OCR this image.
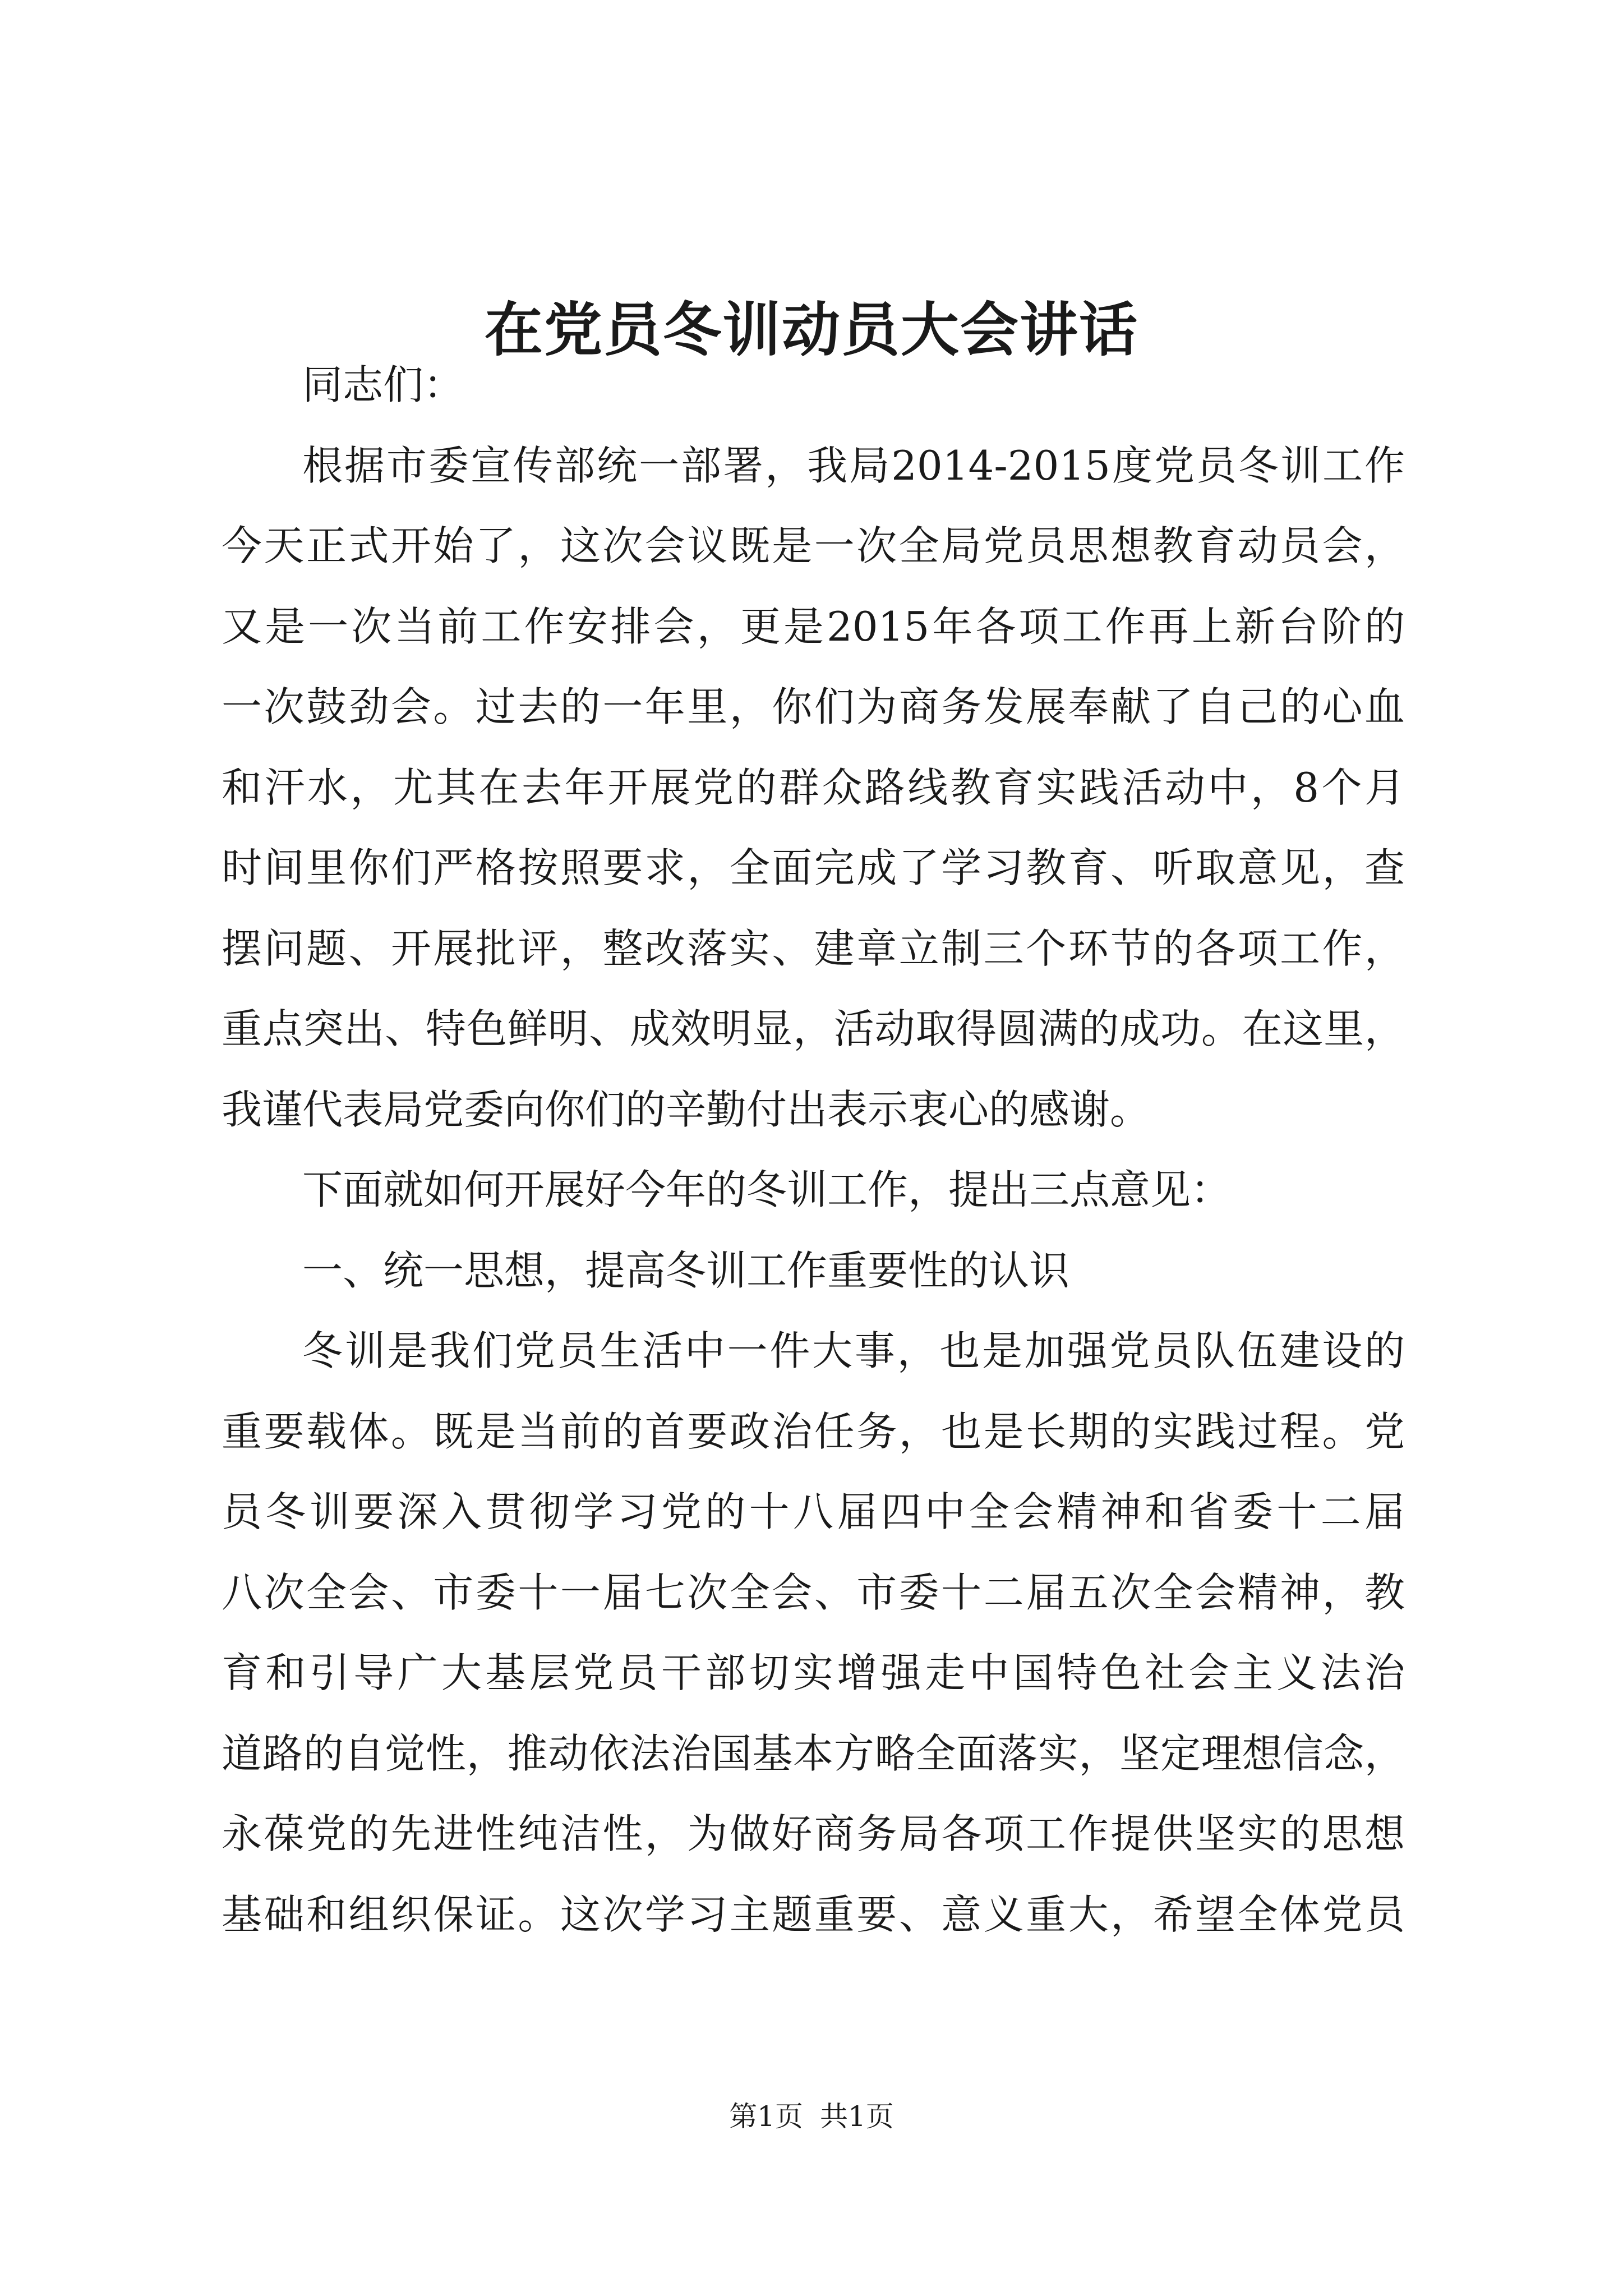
在党员冬训动员大会讲话
同志们：
根据市委宣传部统一部署，我局2014-2015度党员冬训工作
今天正式开始了，这次会议既是一次全局党员思想教育动员会，
又是一次当前工作安排会，更是2015年各项工作再上新台阶的
一次鼓劲会。过去的一年里，你们为商务发展奉献了自己的心血
和汗水，尤其在去年开展党的群众路线教育实践活动中，8个月
时间里你们严格按照要求，全面完成了学习教育、听取意见，查
摆问题、开展批评，整改落实、建章立制三个环节的各项工作，
重点突出、特色鲜明、成效明显，活动取得圆满的成功。在这里，
我谨代表局党委向你们的辛勤付出表示衷心的感谢。
下面就如何开展好今年的冬训工作，提出三点意见：
一、统一思想，提高冬训工作重要性的认识
冬训是我们党员生活中一件大事，也是加强党员队伍建设的
重要载体。既是当前的首要政治任务，也是长期的实践过程。党
员冬训要深入贯彻学习党的十八届四中全会精神和省委十二届
八次全会、市委十一届七次全会、市委十二届五次全会精神，教
育和引导广大基层党员干部切实增强走中国特色社会主义法治
道路的自觉性，推动依法治国基本方略全面落实，坚定理想信念，
永葆党的先进性纯洁性，为做好商务局各项工作提供坚实的思想
基础和组织保证。这次学习主题重要、意义重大，希望全体党员
第1页 共1页
